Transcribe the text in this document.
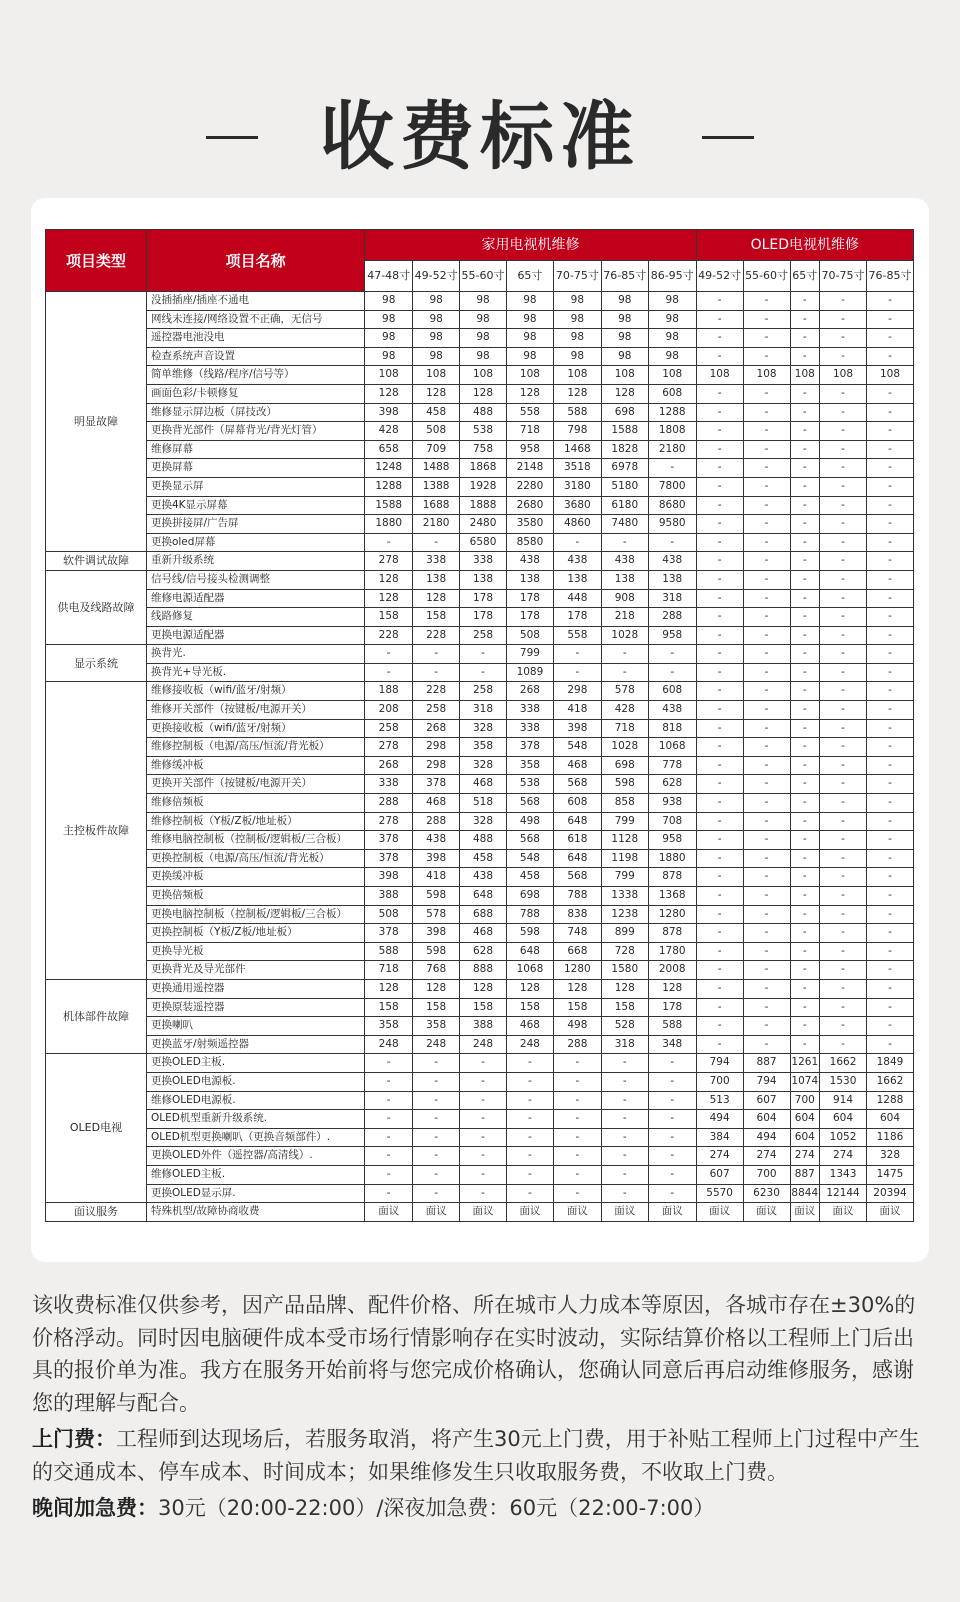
收费标准
项目类型	项目名称	家用电视机维修							OLED电视机维修				
		47-48寸	49-52寸	55-60寸	65寸	70-75寸	76-85寸	86-95寸	49-52寸	55-60寸	65寸	70-75寸	76-85寸
明显故障	没插插座/插座不通电	98	98	98	98	98	98	98	-	-	-	-	-
	网线未连接/网络设置不正确，无信号	98	98	98	98	98	98	98	-	-	-	-	-
	遥控器电池没电	98	98	98	98	98	98	98	-	-	-	-	-
	检查系统声音设置	98	98	98	98	98	98	98	-	-	-	-	-
	简单维修（线路/程序/信号等）	108	108	108	108	108	108	108	108	108	108	108	108
	画面色彩/卡顿修复	128	128	128	128	128	128	608	-	-	-	-	-
	维修显示屏边板（屏技改）	398	458	488	558	588	698	1288	-	-	-	-	-
	更换背光部件（屏幕背光/背光灯管）	428	508	538	718	798	1588	1808	-	-	-	-	-
	维修屏幕	658	709	758	958	1468	1828	2180	-	-	-	-	-
	更换屏幕	1248	1488	1868	2148	3518	6978	-	-	-	-	-	-
	更换显示屏	1288	1388	1928	2280	3180	5180	7800	-	-	-	-	-
	更换4K显示屏幕	1588	1688	1888	2680	3680	6180	8680	-	-	-	-	-
	更换拼接屏/广告屏	1880	2180	2480	3580	4860	7480	9580	-	-	-	-	-
	更换oled屏幕	-	-	6580	8580	-	-	-	-	-	-	-	-
软件调试故障	重新升级系统	278	338	338	438	438	438	438	-	-	-	-	-
供电及线路故障	信号线/信号接头检测调整	128	138	138	138	138	138	138	-	-	-	-	-
	维修电源适配器	128	128	178	178	448	908	318	-	-	-	-	-
	线路修复	158	158	178	178	178	218	288	-	-	-	-	-
	更换电源适配器	228	228	258	508	558	1028	958	-	-	-	-	-
显示系统	换背光.	-	-	-	799	-	-	-	-	-	-	-	-
	换背光+导光板.	-	-	-	1089	-	-	-	-	-	-	-	-
主控板件故障	维修接收板（wifi/蓝牙/射频）	188	228	258	268	298	578	608	-	-	-	-	-
	维修开关部件（按键板/电源开关）	208	258	318	338	418	428	438	-	-	-	-	-
	更换接收板（wifi/蓝牙/射频）	258	268	328	338	398	718	818	-	-	-	-	-
	维修控制板（电源/高压/恒流/背光板）	278	298	358	378	548	1028	1068	-	-	-	-	-
	维修缓冲板	268	298	328	358	468	698	778	-	-	-	-	-
	更换开关部件（按键板/电源开关）	338	378	468	538	568	598	628	-	-	-	-	-
	维修倍频板	288	468	518	568	608	858	938	-	-	-	-	-
	维修控制板（Y板/Z板/地址板）	278	288	328	498	648	799	708	-	-	-	-	-
	维修电脑控制板（控制板/逻辑板/三合板）	378	438	488	568	618	1128	958	-	-	-	-	-
	更换控制板（电源/高压/恒流/背光板）	378	398	458	548	648	1198	1880	-	-	-	-	-
	更换缓冲板	398	418	438	458	568	799	878	-	-	-	-	-
	更换倍频板	388	598	648	698	788	1338	1368	-	-	-	-	-
	更换电脑控制板（控制板/逻辑板/三合板）	508	578	688	788	838	1238	1280	-	-	-	-	-
	更换控制板（Y板/Z板/地址板）	378	398	468	598	748	899	878	-	-	-	-	-
	更换导光板	588	598	628	648	668	728	1780	-	-	-	-	-
	更换背光及导光部件	718	768	888	1068	1280	1580	2008	-	-	-	-	-
机体部件故障	更换通用遥控器	128	128	128	128	128	128	128	-	-	-	-	-
	更换原装遥控器	158	158	158	158	158	158	178	-	-	-	-	-
	更换喇叭	358	358	388	468	498	528	588	-	-	-	-	-
	更换蓝牙/射频遥控器	248	248	248	248	288	318	348	-	-	-	-	-
OLED电视	更换OLED主板.	-	-	-	-	-	-	-	794	887	1261	1662	1849
	更换OLED电源板.	-	-	-	-	-	-	-	700	794	1074	1530	1662
	维修OLED电源板.	-	-	-	-	-	-	-	513	607	700	914	1288
	OLED机型重新升级系统.	-	-	-	-	-	-	-	494	604	604	604	604
	OLED机型更换喇叭（更换音频部件）.	-	-	-	-	-	-	-	384	494	604	1052	1186
	更换OLED外件（遥控器/高清线）.	-	-	-	-	-	-	-	274	274	274	274	328
	维修OLED主板.	-	-	-	-	-	-	-	607	700	887	1343	1475
	更换OLED显示屏.	-	-	-	-	-	-	-	5570	6230	8844	12144	20394
面议服务	特殊机型/故障协商收费	面议	面议	面议	面议	面议	面议	面议	面议	面议	面议	面议	面议

该收费标准仅供参考，因产品品牌、配件价格、所在城市人力成本等原因，各城市存在±30%的价格浮动。同时因电脑硬件成本受市场行情影响存在实时波动，实际结算价格以工程师上门后出具的报价单为准。我方在服务开始前将与您完成价格确认，您确认同意后再启动维修服务，感谢您的理解与配合。

上门费：工程师到达现场后，若服务取消，将产生30元上门费，用于补贴工程师上门过程中产生的交通成本、停车成本、时间成本；如果维修发生只收取服务费，不收取上门费。

晚间加急费：30元（20:00-22:00）/深夜加急费：60元（22:00-7:00）
